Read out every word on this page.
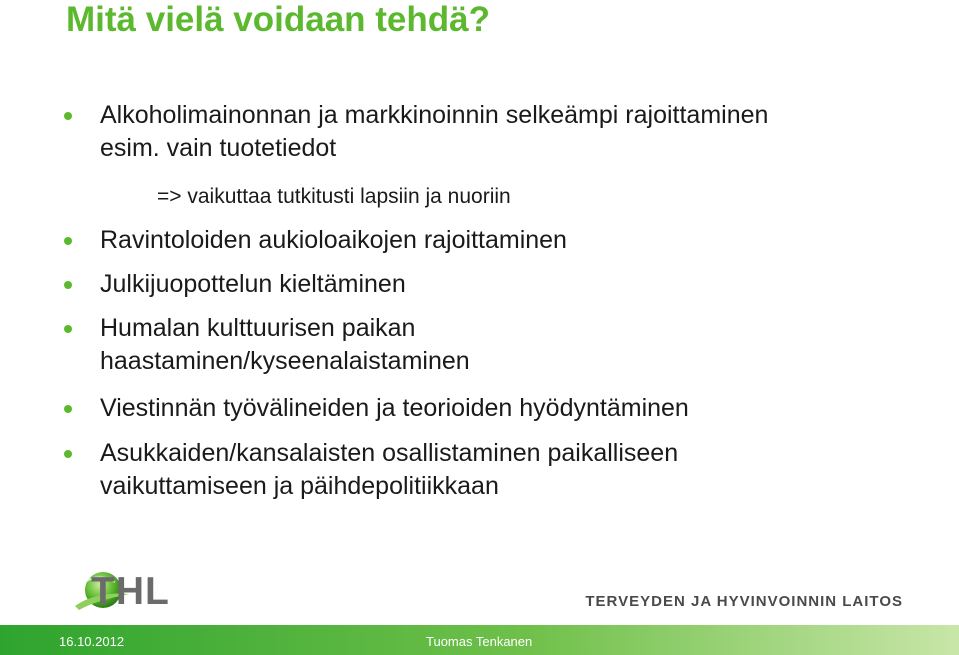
Mitä vielä voidaan tehdä?
Alkoholimainonnan ja markkinoinnin selkeämpi rajoittaminen
esim. vain tuotetiedot
=> vaikuttaa tutkitusti lapsiin ja nuoriin
Ravintoloiden aukioloaikojen rajoittaminen
Julkijuopottelun kieltäminen
Humalan kulttuurisen paikan
haastaminen/kyseenalaistaminen
Viestinnän työvälineiden ja teorioiden hyödyntäminen
Asukkaiden/kansalaisten osallistaminen paikalliseen
vaikuttamiseen ja päihdepolitiikkaan
THL	TERVEYDEN JA HYVINVOINNIN LAITOS
16.10.2012	Tuomas Tenkanen
